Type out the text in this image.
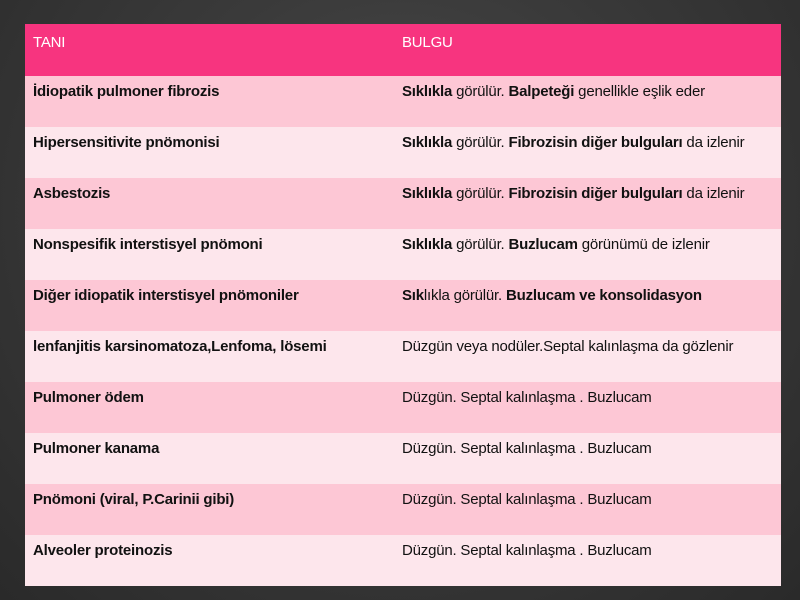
TANI	BULGU
İdiopatik pulmoner fibrozis	Sıklıkla görülür. Balpeteği genellikle eşlik eder
Hipersensitivite pnömonisi	Sıklıkla görülür. Fibrozisin diğer bulguları da izlenir
Asbestozis	Sıklıkla görülür. Fibrozisin diğer bulguları da izlenir
Nonspesifik interstisyel pnömoni	Sıklıkla görülür. Buzlucam görünümü de izlenir
Diğer idiopatik interstisyel pnömoniler	Sıklıkla görülür. Buzlucam ve konsolidasyon
lenfanjitis karsinomatoza,Lenfoma, lösemi	Düzgün veya nodüler.Septal kalınlaşma da gözlenir
Pulmoner ödem	Düzgün. Septal kalınlaşma . Buzlucam
Pulmoner kanama	Düzgün. Septal kalınlaşma . Buzlucam
Pnömoni (viral, P.Carinii gibi)	Düzgün. Septal kalınlaşma . Buzlucam
Alveoler proteinozis	Düzgün. Septal kalınlaşma . Buzlucam
